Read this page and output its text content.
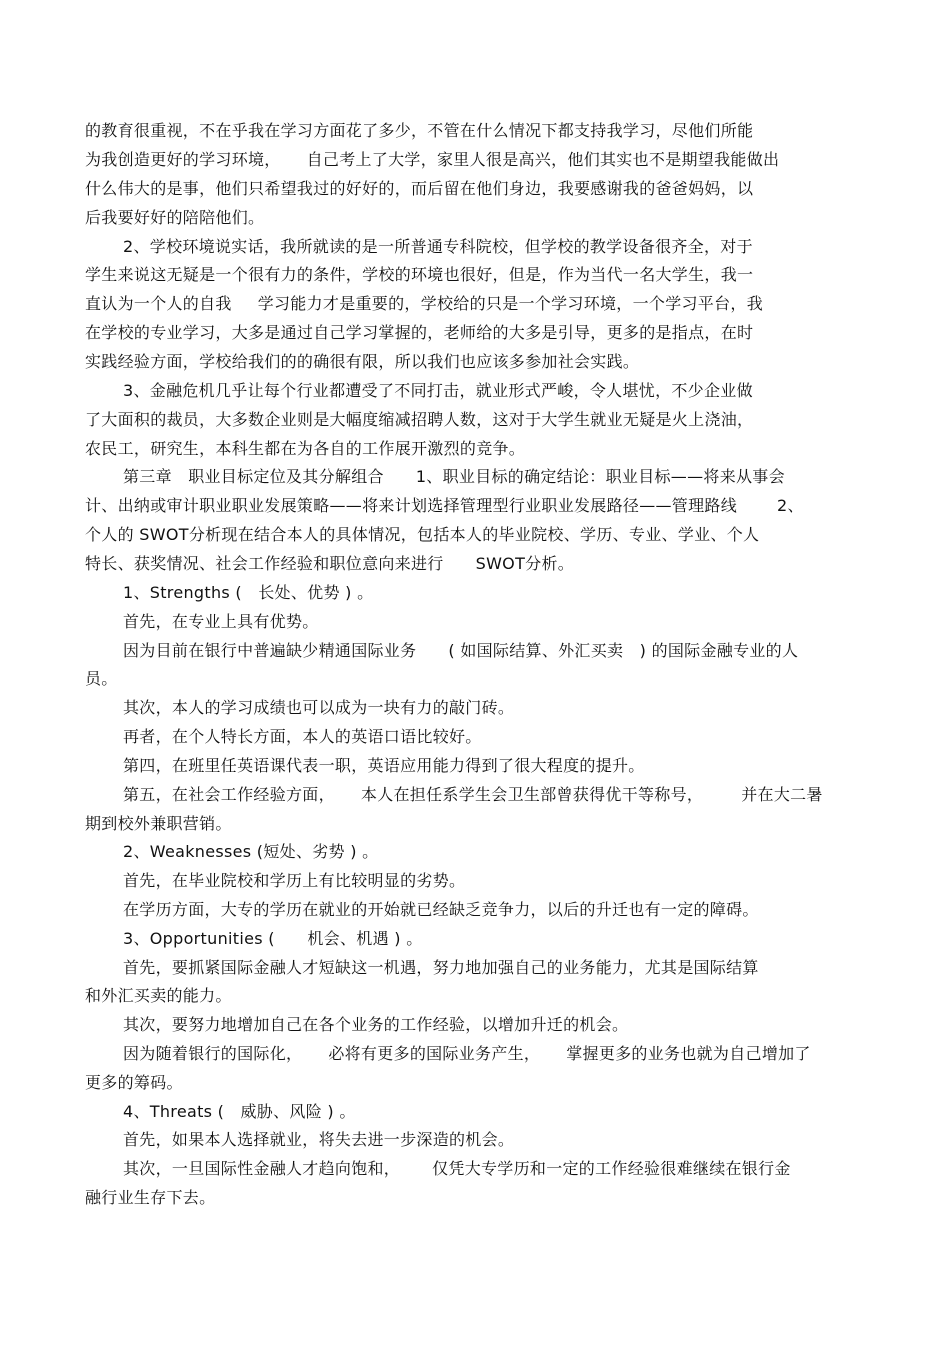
的教育很重视，不在乎我在学习方面花了多少，不管在什么情况下都支持我学习，尽他们所能
为我创造更好的学习环境， 自己考上了大学，家里人很是高兴，他们其实也不是期望我能做出
什么伟大的是事，他们只希望我过的好好的，而后留在他们身边，我要感谢我的爸爸妈妈，以
后我要好好的陪陪他们。
2、学校环境说实话，我所就读的是一所普通专科院校，但学校的教学设备很齐全，对于
学生来说这无疑是一个很有力的条件，学校的环境也很好，但是，作为当代一名大学生，我一
直认为一个人的自我 学习能力才是重要的，学校给的只是一个学习环境，一个学习平台，我
在学校的专业学习，大多是通过自己学习掌握的，老师给的大多是引导，更多的是指点，在时
实践经验方面，学校给我们的的确很有限，所以我们也应该多参加社会实践。
3、金融危机几乎让每个行业都遭受了不同打击，就业形式严峻，令人堪忧，不少企业做
了大面积的裁员，大多数企业则是大幅度缩减招聘人数，这对于大学生就业无疑是火上浇油，
农民工，研究生，本科生都在为各自的工作展开激烈的竞争。
第三章　职业目标定位及其分解组合 1、职业目标的确定结论：职业目标——将来从事会
计、出纳或审计职业职业发展策略——将来计划选择管理型行业职业发展路径——管理路线	2、
个人的 SWOT分析现在结合本人的具体情况，包括本人的毕业院校、学历、专业、学业、个人
特长、获奖情况、社会工作经验和职位意向来进行 SWOT分析。
1、Strengths (　长处、优势 ) 。
首先，在专业上具有优势。
因为目前在银行中普遍缺少精通国际业务 ( 如国际结算、外汇买卖　) 的国际金融专业的人
员。
其次，本人的学习成绩也可以成为一块有力的敲门砖。
再者，在个人特长方面，本人的英语口语比较好。
第四，在班里任英语课代表一职，英语应用能力得到了很大程度的提升。
第五，在社会工作经验方面， 本人在担任系学生会卫生部曾获得优干等称号， 并在大二暑
期到校外兼职营销。
2、Weaknesses (短处、劣势 ) 。
首先，在毕业院校和学历上有比较明显的劣势。
在学历方面，大专的学历在就业的开始就已经缺乏竞争力，以后的升迁也有一定的障碍。
3、Opportunities (　　机会、机遇 ) 。
首先，要抓紧国际金融人才短缺这一机遇，努力地加强自己的业务能力，尤其是国际结算
和外汇买卖的能力。
其次，要努力地增加自己在各个业务的工作经验，以增加升迁的机会。
因为随着银行的国际化， 必将有更多的国际业务产生， 掌握更多的业务也就为自己增加了
更多的筹码。
4、Threats (　威胁、风险 ) 。
首先，如果本人选择就业，将失去进一步深造的机会。
其次，一旦国际性金融人才趋向饱和， 仅凭大专学历和一定的工作经验很难继续在银行金
融行业生存下去。
